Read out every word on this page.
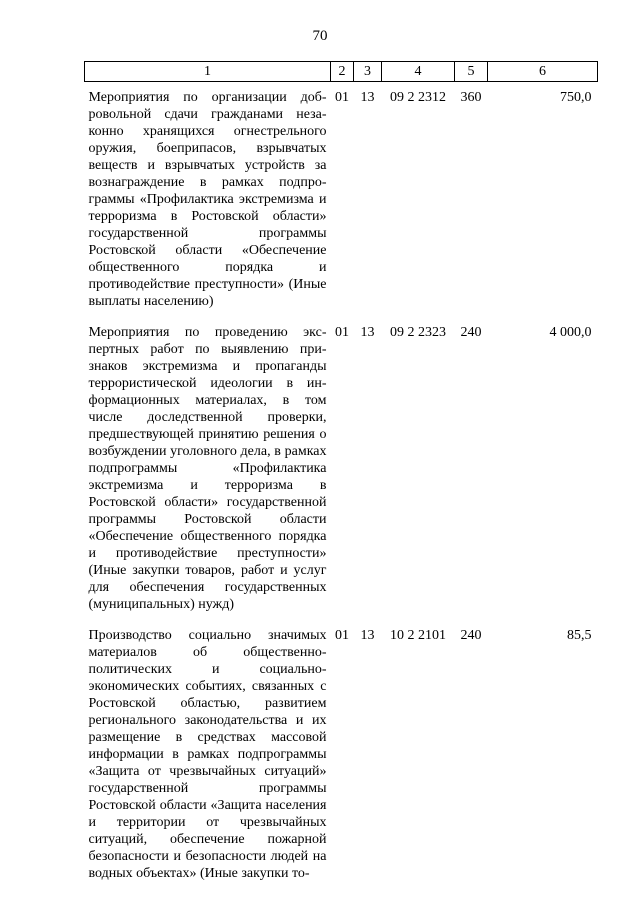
70
1	2	3	4	5	6
Мероприятия по организации добровольной сдачи гражданами незаконно хранящихся огнестрельного оружия, боеприпасов, взрывчатых веществ и взрывчатых устройств за вознаграждение в рамках подпрограммы «Профилактика экстремизма и терроризма в Ростовской области» государственной программы Ростовской области «Обеспечение общественного порядка и противодействие преступности» (Иные выплаты населению)	01	13	09 2 2312	360	750,0
Мероприятия по проведению экспертных работ по выявлению признаков экстремизма и пропаганды террористической идеологии в информационных материалах, в том числе доследственной проверки, предшествующей принятию решения о возбуждении уголовного дела, в рамках подпрограммы «Профилактика экстремизма и терроризма в Ростовской области» государственной программы Ростовской области «Обеспечение общественного порядка и противодействие преступности» (Иные закупки товаров, работ и услуг для обеспечения государственных (муниципальных) нужд)	01	13	09 2 2323	240	4 000,0
Производство социально значимых материалов об общественно-политических и социально-экономических событиях, связанных с Ростовской областью, развитием регионального законодательства и их размещение в средствах массовой информации в рамках подпрограммы «Защита от чрезвычайных ситуаций» государственной программы Ростовской области «Защита населения и территории от чрезвычайных ситуаций, обеспечение пожарной безопасности и безопасности людей на водных объектах» (Иные закупки то-	01	13	10 2 2101	240	85,5
